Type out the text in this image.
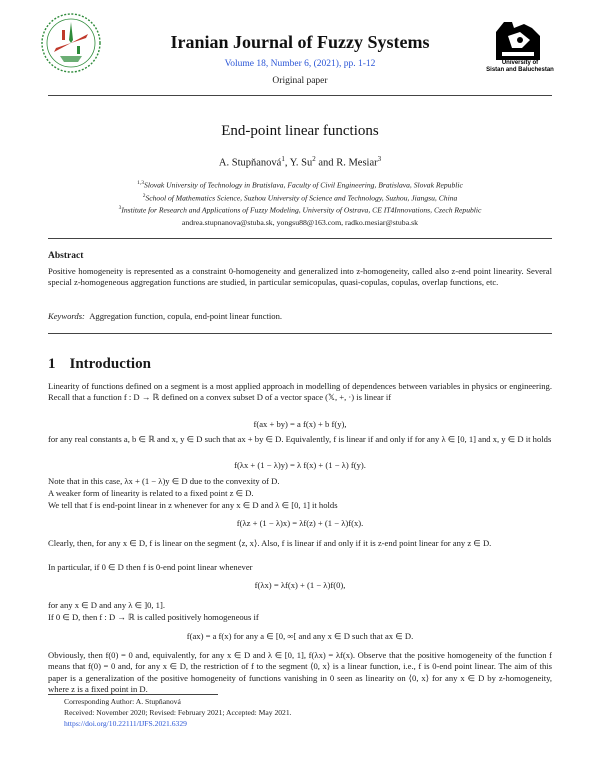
University of
Sistan and Baluchestan
Iranian Journal of Fuzzy Systems
Volume 18, Number 6, (2021), pp. 1-12
Original paper
End-point linear functions
A. Stupňanová$^1$, Y. Su$^2$ and R. Mesiar$^3$
$^{1,3}$Slovak University of Technology in Bratislava, Faculty of Civil Engineering, Bratislava, Slovak Republic
$^2$School of Mathematics Science, Suzhou University of Science and Technology, Suzhou, Jiangsu, China
$^3$Institute for Research and Applications of Fuzzy Modeling, University of Ostrava, CE IT4Innovations, Czech Republic
andrea.stupnanova@stuba.sk, yongsu88@163.com, radko.mesiar@stuba.sk
Abstract
Positive homogeneity is represented as a constraint 0-homogeneity and generalized into z-homogeneity, called also z-end point linearity. Several special z-homogeneous aggregation functions are studied, in particular semicopulas, quasi-copulas, copulas, overlap functions, etc.
Keywords: Aggregation function, copula, end-point linear function.
1 Introduction
Linearity of functions defined on a segment is a most applied approach in modelling of dependences between variables in physics or engineering. Recall that a function f : D → ℝ defined on a convex subset D of a vector space (𝕏, +, ·) is linear if
f(ax + by) = a f(x) + b f(y),
for any real constants a, b ∈ ℝ and x, y ∈ D such that ax + by ∈ D. Equivalently, f is linear if and only if for any λ ∈ [0, 1] and x, y ∈ D it holds
f(λx + (1 − λ)y) = λ f(x) + (1 − λ) f(y).
Note that in this case, λx + (1 − λ)y ∈ D due to the convexity of D.
A weaker form of linearity is related to a fixed point z ∈ D.
We tell that f is end-point linear in z whenever for any x ∈ D and λ ∈ [0, 1] it holds
f(λz + (1 − λ)x) = λf(z) + (1 − λ)f(x).
Clearly, then, for any x ∈ D, f is linear on the segment ⟨z, x⟩. Also, f is linear if and only if it is z-end point linear for any z ∈ D.
In particular, if 0 ∈ D then f is 0-end point linear whenever
f(λx) = λf(x) + (1 − λ)f(0),
for any x ∈ D and any λ ∈ ]0, 1].
If 0 ∈ D, then f : D → ℝ is called positively homogeneous if
f(ax) = a f(x) for any a ∈ [0, ∞[ and any x ∈ D such that ax ∈ D.
Obviously, then f(0) = 0 and, equivalently, for any x ∈ D and λ ∈ [0, 1], f(λx) = λf(x). Observe that the positive homogeneity of the function f means that f(0) = 0 and, for any x ∈ D, the restriction of f to the segment ⟨0, x⟩ is a linear function, i.e., f is 0-end point linear. The aim of this paper is a generalization of the positive homogeneity of functions vanishing in 0 seen as linearity on ⟨0, x⟩ for any x ∈ D by z-homogeneity, where z is a fixed point in D.
Corresponding Author: A. Stupňanová
Received: November 2020; Revised: February 2021; Accepted: May 2021.
https://doi.org/10.22111/IJFS.2021.6329
